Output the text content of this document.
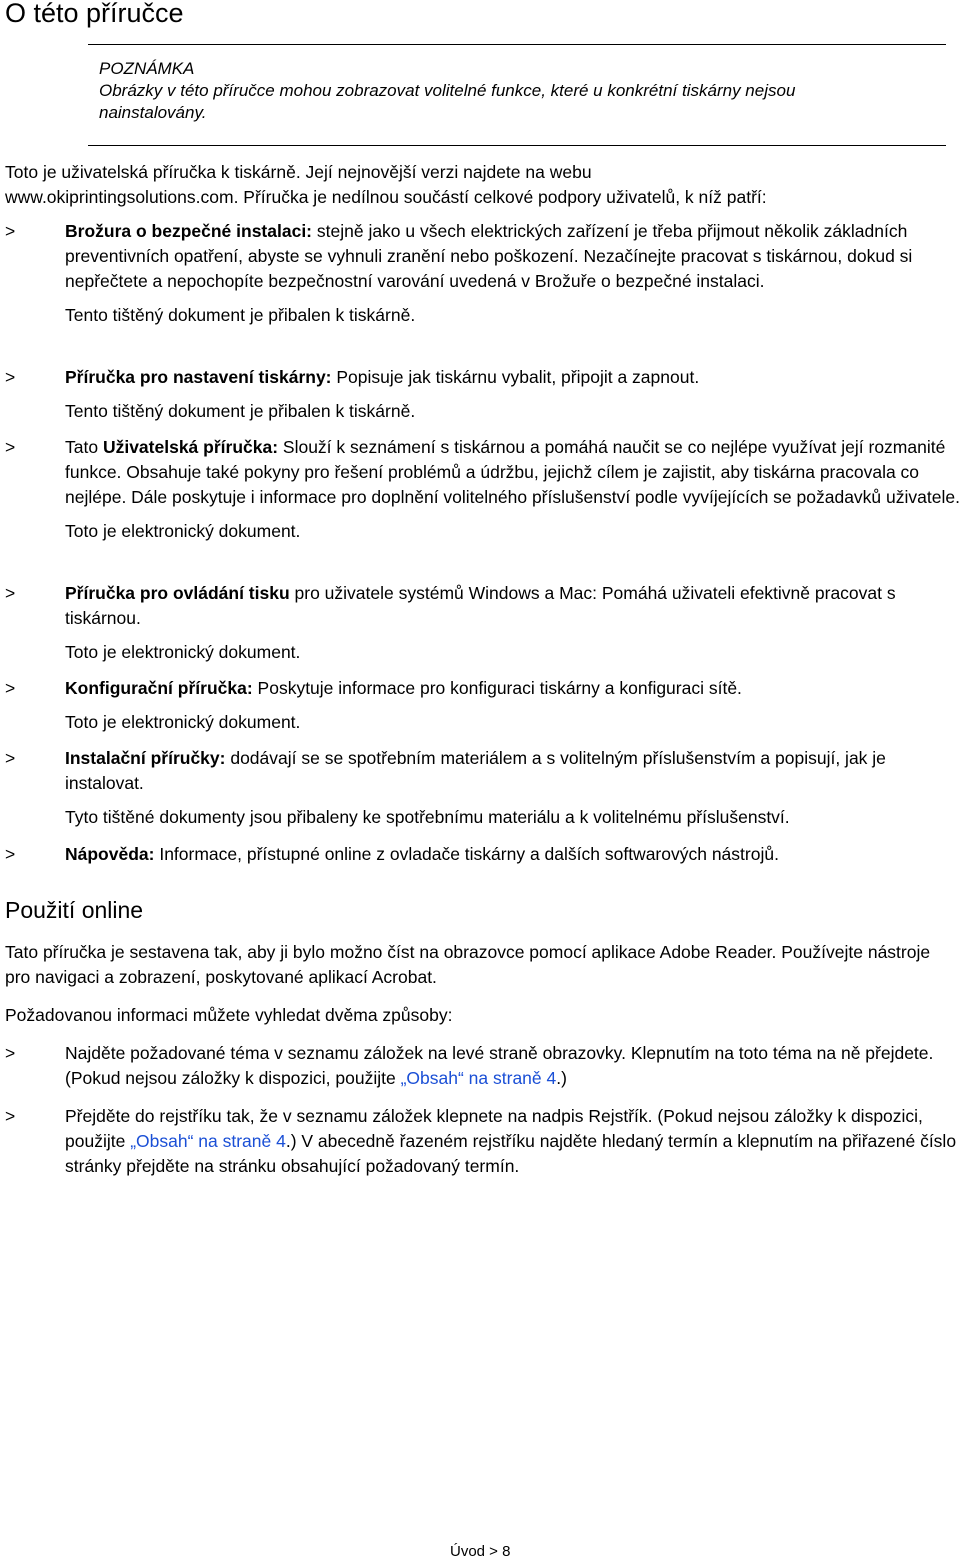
O této příručce
POZNÁMKA
Obrázky v této příručce mohou zobrazovat volitelné funkce, které u konkrétní tiskárny nejsou nainstalovány.
Toto je uživatelská příručka k tiskárně. Její nejnovější verzi najdete na webu
www.okiprintingsolutions.com. Příručka je nedílnou součástí celkové podpory uživatelů, k níž patří:
>	Brožura o bezpečné instalaci: stejně jako u všech elektrických zařízení je třeba přijmout několik základních preventivních opatření, abyste se vyhnuli zranění nebo poškození. Nezačínejte pracovat s tiskárnou, dokud si nepřečtete a nepochopíte bezpečnostní varování uvedená v Brožuře o bezpečné instalaci.
Tento tištěný dokument je přibalen k tiskárně.
>	Příručka pro nastavení tiskárny: Popisuje jak tiskárnu vybalit, připojit a zapnout.
Tento tištěný dokument je přibalen k tiskárně.
>	Tato Uživatelská příručka: Slouží k seznámení s tiskárnou a pomáhá naučit se co nejlépe využívat její rozmanité funkce. Obsahuje také pokyny pro řešení problémů a údržbu, jejichž cílem je zajistit, aby tiskárna pracovala co nejlépe. Dále poskytuje i informace pro doplnění volitelného příslušenství podle vyvíjejících se požadavků uživatele.
Toto je elektronický dokument.
>	Příručka pro ovládání tisku pro uživatele systémů Windows a Mac: Pomáhá uživateli efektivně pracovat s tiskárnou.
Toto je elektronický dokument.
>	Konfigurační příručka: Poskytuje informace pro konfiguraci tiskárny a konfiguraci sítě.
Toto je elektronický dokument.
>	Instalační příručky: dodávají se se spotřebním materiálem a s volitelným příslušenstvím a popisují, jak je instalovat.
Tyto tištěné dokumenty jsou přibaleny ke spotřebnímu materiálu a k volitelnému příslušenství.
>	Nápověda: Informace, přístupné online z ovladače tiskárny a dalších softwarových nástrojů.
Použití online
Tato příručka je sestavena tak, aby ji bylo možno číst na obrazovce pomocí aplikace Adobe Reader. Používejte nástroje pro navigaci a zobrazení, poskytované aplikací Acrobat.
Požadovanou informaci můžete vyhledat dvěma způsoby:
>	Najděte požadované téma v seznamu záložek na levé straně obrazovky. Klepnutím na toto téma na ně přejdete. (Pokud nejsou záložky k dispozici, použijte „Obsah“ na straně 4.)
>	Přejděte do rejstříku tak, že v seznamu záložek klepnete na nadpis Rejstřík. (Pokud nejsou záložky k dispozici, použijte „Obsah“ na straně 4.) V abecedně řazeném rejstříku najděte hledaný termín a klepnutím na přiřazené číslo stránky přejděte na stránku obsahující požadovaný termín.
Úvod > 8
